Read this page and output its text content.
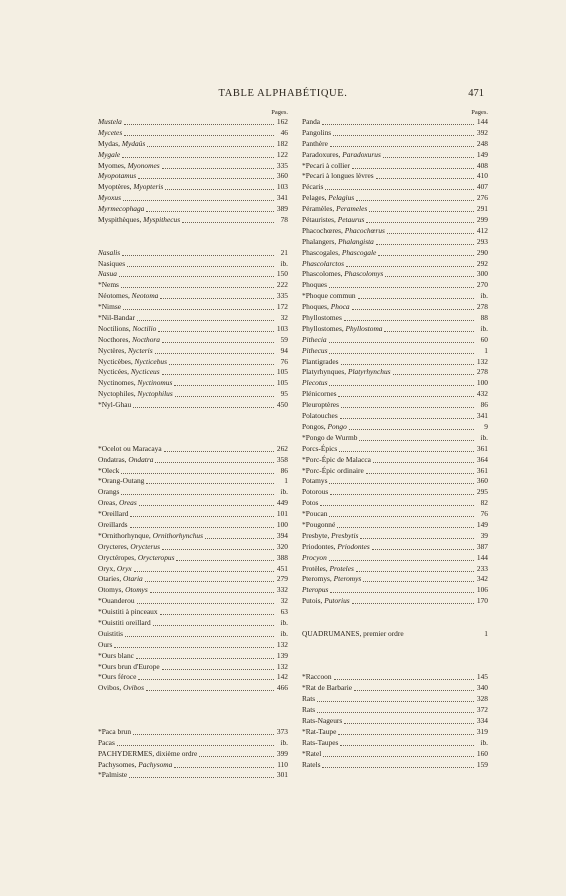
TABLE ALPHABÉTIQUE.	471
Pages.
Mustela	162
Mycetes	46
Mydas, Mydaüs	182
Mygale	122
Myomes, Myonomes	335
Myopotamus	360
Myoptères, Myopteris	103
Myoxus	341
Myrmecophaga	389
Myspithèques, Myspithecus	78
Nasalis	21
Nasiques	ib.
Nasua	150
*Nems	222
Néotomes, Neotoma	335
*Nimse	172
*Nil-Bandar	32
Noctilions, Noctilio	103
Nocthores, Nocthora	59
Nyctères, Nycteris	94
Nycticèbes, Nycticebus	76
Nycticées, Nycticeus	105
Nyctinomes, Nyctinomus	105
Nyctophiles, Nyctophilus	95
*Nyl-Ghau	450
*Ocelot ou Maracaya	262
Ondatras, Ondatra	358
*Oleck	86
*Orang-Outang	1
Orangs	ib.
Oreas, Oreas	449
*Oreillard	101
Oreillards	100
*Ornithorhynque, Ornithorhynchus	394
Orycteres, Orycterus	320
Oryctéropes, Orycteropus	388
Oryx, Oryx	451
Otaries, Otaria	279
Otomys, Otomys	332
*Ouanderou	32
*Ouistiti à pinceaux	63
*Ouistiti oreillard	ib.
Ouistitis	ib.
Ours	132
*Ours blanc	139
*Ours brun d'Europe	132
*Ours féroce	142
Ovibos, Ovibos	466
*Paca brun	373
Pacas	ib.
PACHYDERMES, dixième ordre	399
Pachysomes, Pachysoma	110
*Palmiste	301
Pages.
Panda	144
Pangolins	392
Panthère	248
Paradoxures, Paradoxurus	149
*Pecari à collier	408
*Pecari à longues lèvres	410
Pécaris	407
Pelages, Pelagius	276
Péramèles, Perameles	291
Pétauristes, Petaurus	299
Phacochœres, Phacochœrus	412
Phalangers, Phalangista	293
Phascogales, Phascogale	290
Phascolarctos	292
Phascolomes, Phascolomys	300
Phoques	270
*Phoque commun	ib.
Phoques, Phoca	278
Phyllostomes	88
Phyllostomes, Phyllostoma	ib.
Pithecia	60
Pithecus	1
Plantigrades	132
Platyrhynques, Platyrhynchus	278
Plecotus	100
Plénicornes	432
Pleuroptères	86
Polatouches	341
Pongos, Pongo	9
*Pongo de Wurmb	ib.
Porcs-Épics	361
*Porc-Épic de Malacca	364
*Porc-Épic ordinaire	361
Potamys	360
Potorous	295
Potos	82
*Poucan	76
*Pougonné	149
Presbyte, Presbytis	39
Priodontes, Priodontes	387
Procyon	144
Protèles, Proteles	233
Pteromys, Pteromys	342
Pteropus	106
Putois, Putorius	170
QUADRUMANES, premier ordre	1
*Raccoon	145
*Rat de Barbarie	340
Rats	328
Rats	372
Rats-Nageurs	334
*Rat-Taupe	319
Rats-Taupes	ib.
*Ratel	160
Ratels	159
